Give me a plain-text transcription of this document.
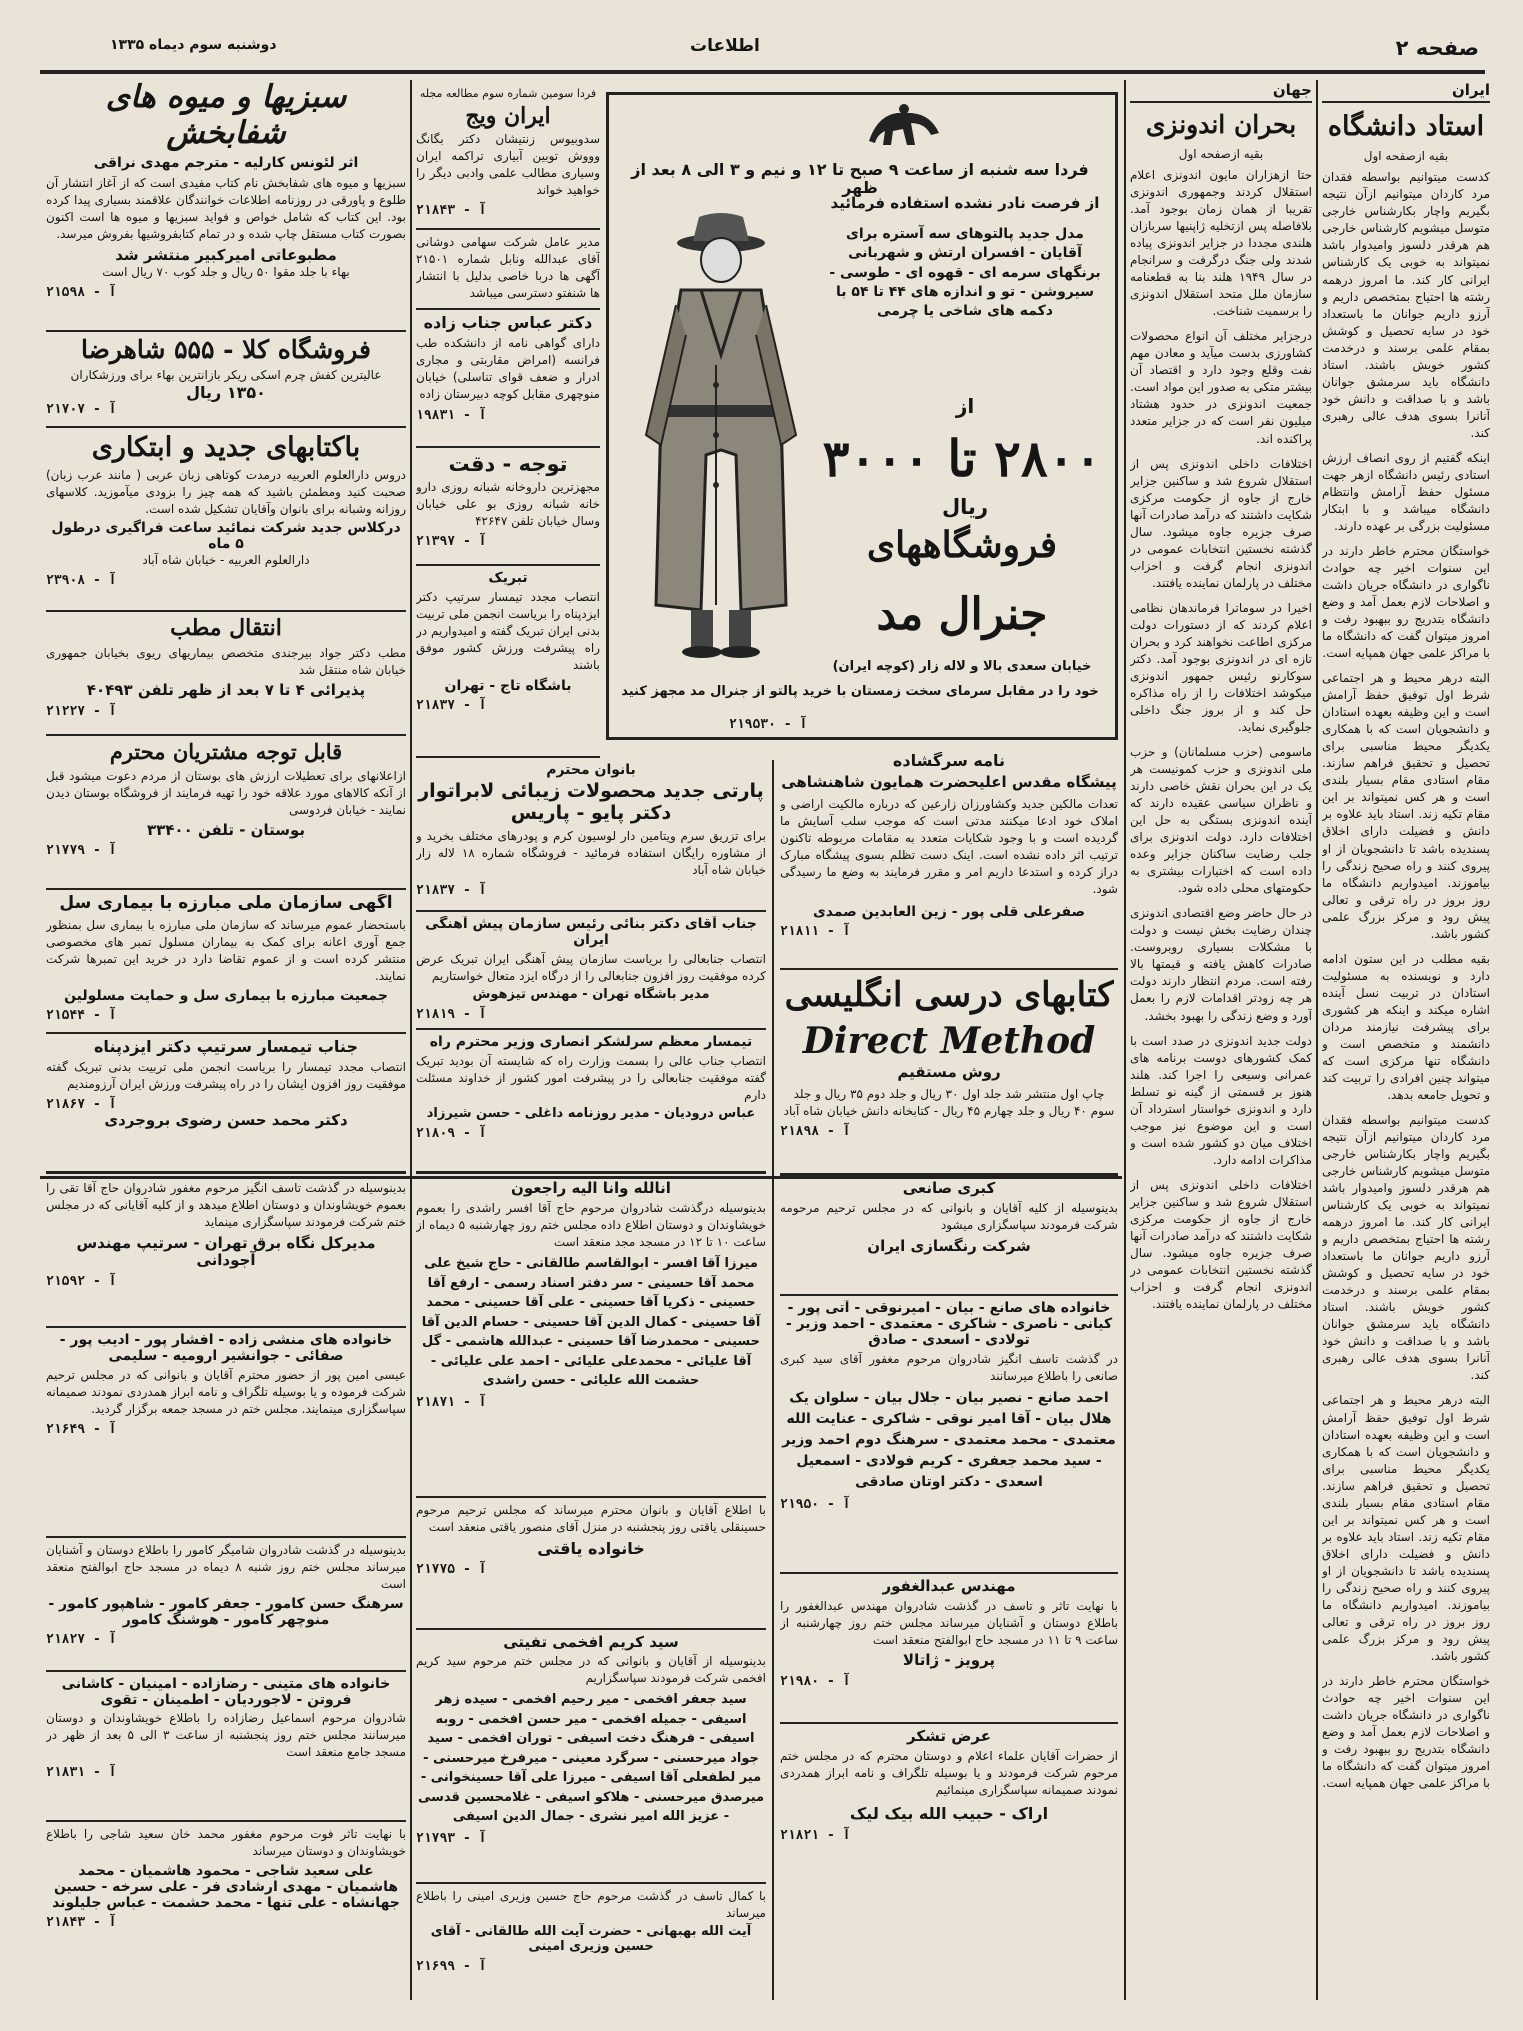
صفحه ۲
اطلاعات
دوشنبه سوم دیماه ۱۳۳۵
ایران
استاد دانشگاه
بقیه ازصفحه اول

کدست میتوانیم بواسطه فقدان مرد کاردان میتوانیم ازآن نتیجه بگیریم واچار بکارشناس خارجی متوسل میشویم کارشناس خارجی هم هرقدر دلسوز وامیدوار باشد نمیتواند به خوبی یک کارشناس ایرانی کار کند. ما امروز درهمه رشته ها احتیاج بمتخصص داریم و آرزو داریم جوانان ما باستعداد خود در سایه تحصیل و کوشش بمقام علمی برسند و درخدمت کشور خویش باشند. استاد دانشگاه باید سرمشق جوانان باشد و با صداقت و دانش خود آنانرا بسوی هدف عالی رهبری کند.

اینکه گفتیم از روی انصاف ارزش استادی رئیس دانشگاه ازهر جهت مسئول حفظ آرامش وانتظام دانشگاه میباشد و با ابتکار مسئولیت بزرگی بر عهده دارند.

خواستگان محترم خاطر دارند در این سنوات اخیر چه حوادث ناگواری در دانشگاه جریان داشت و اصلاحات لازم بعمل آمد و وضع دانشگاه بتدریج رو ببهبود رفت و امروز میتوان گفت که دانشگاه ما با مراکز علمی جهان همپایه است.

البته درهر محیط و هر اجتماعی شرط اول توفیق حفظ آرامش است و این وظیفه بعهده استادان و دانشجویان است که با همکاری یکدیگر محیط مناسبی برای تحصیل و تحقیق فراهم سازند. مقام استادی مقام بسیار بلندی است و هر کس نمیتواند بر این مقام تکیه زند. استاد باید علاوه بر دانش و فضیلت دارای اخلاق پسندیده باشد تا دانشجویان از او پیروی کنند و راه صحیح زندگی را بیاموزند. امیدواریم دانشگاه ما روز بروز در راه ترقی و تعالی پیش رود و مرکز بزرگ علمی کشور باشد.

بقیه مطلب در این ستون ادامه دارد و نویسنده به مسئولیت استادان در تربیت نسل آینده اشاره میکند و اینکه هر کشوری برای پیشرفت نیازمند مردان دانشمند و متخصص است و دانشگاه تنها مرکزی است که میتواند چنین افرادی را تربیت کند و تحویل جامعه بدهد.

کدست میتوانیم بواسطه فقدان مرد کاردان میتوانیم ازآن نتیجه بگیریم واچار بکارشناس خارجی متوسل میشویم کارشناس خارجی هم هرقدر دلسوز وامیدوار باشد نمیتواند به خوبی یک کارشناس ایرانی کار کند. ما امروز درهمه رشته ها احتیاج بمتخصص داریم و آرزو داریم جوانان ما باستعداد خود در سایه تحصیل و کوشش بمقام علمی برسند و درخدمت کشور خویش باشند. استاد دانشگاه باید سرمشق جوانان باشد و با صداقت و دانش خود آنانرا بسوی هدف عالی رهبری کند.

البته درهر محیط و هر اجتماعی شرط اول توفیق حفظ آرامش است و این وظیفه بعهده استادان و دانشجویان است که با همکاری یکدیگر محیط مناسبی برای تحصیل و تحقیق فراهم سازند. مقام استادی مقام بسیار بلندی است و هر کس نمیتواند بر این مقام تکیه زند. استاد باید علاوه بر دانش و فضیلت دارای اخلاق پسندیده باشد تا دانشجویان از او پیروی کنند و راه صحیح زندگی را بیاموزند. امیدواریم دانشگاه ما روز بروز در راه ترقی و تعالی پیش رود و مرکز بزرگ علمی کشور باشد.

خواستگان محترم خاطر دارند در این سنوات اخیر چه حوادث ناگواری در دانشگاه جریان داشت و اصلاحات لازم بعمل آمد و وضع دانشگاه بتدریج رو ببهبود رفت و امروز میتوان گفت که دانشگاه ما با مراکز علمی جهان همپایه است.

جهان
بحران اندونزی
بقیه ازصفحه اول

حتا ازهزاران مایون اندونزی اعلام استقلال کردند وجمهوری اندونزی تقریبا از همان زمان بوجود آمد. بلافاصله پس ازتخلیه ژاپنیها سربازان هلندی مجددا در جزایر اندونزی پیاده شدند ولی جنگ درگرفت و سرانجام در سال ۱۹۴۹ هلند بنا به قطعنامه سازمان ملل متحد استقلال اندونزی را برسمیت شناخت.

درجزایر مختلف آن انواع محصولات کشاورزی بدست میآید و معادن مهم نفت وقلع وجود دارد و اقتصاد آن بیشتر متکی به صدور این مواد است. جمعیت اندونزی در حدود هشتاد میلیون نفر است که در جزایر متعدد پراکنده اند.

اختلافات داخلی اندونزی پس از استقلال شروع شد و ساکنین جزایر خارج از جاوه از حکومت مرکزی شکایت داشتند که درآمد صادرات آنها صرف جزیره جاوه میشود. سال گذشته نخستین انتخابات عمومی در اندونزی انجام گرفت و احزاب مختلف در پارلمان نماینده یافتند.

اخیرا در سوماترا فرماندهان نظامی اعلام کردند که از دستورات دولت مرکزی اطاعت نخواهند کرد و بحران تازه ای در اندونزی بوجود آمد. دکتر سوکارنو رئیس جمهور اندونزی میکوشد اختلافات را از راه مذاکره حل کند و از بروز جنگ داخلی جلوگیری نماید.

ماسومی (حزب مسلمانان) و حزب ملی اندونزی و حزب کمونیست هر یک در این بحران نقش خاصی دارند و ناظران سیاسی عقیده دارند که آینده اندونزی بستگی به حل این اختلافات دارد. دولت اندونزی برای جلب رضایت ساکنان جزایر وعده داده است که اختیارات بیشتری به حکومتهای محلی داده شود.

در حال حاضر وضع اقتصادی اندونزی چندان رضایت بخش نیست و دولت با مشکلات بسیاری روبروست. صادرات کاهش یافته و قیمتها بالا رفته است. مردم انتظار دارند دولت هر چه زودتر اقدامات لازم را بعمل آورد و وضع زندگی را بهبود بخشد.

دولت جدید اندونزی در صدد است با کمک کشورهای دوست برنامه های عمرانی وسیعی را اجرا کند. هلند هنوز بر قسمتی از گینه نو تسلط دارد و اندونزی خواستار استرداد آن است و این موضوع نیز موجب اختلاف میان دو کشور شده است و مذاکرات ادامه دارد.

اختلافات داخلی اندونزی پس از استقلال شروع شد و ساکنین جزایر خارج از جاوه از حکومت مرکزی شکایت داشتند که درآمد صادرات آنها صرف جزیره جاوه میشود. سال گذشته نخستین انتخابات عمومی در اندونزی انجام گرفت و احزاب مختلف در پارلمان نماینده یافتند.

فردا سه شنبه از ساعت ۹ صبح تا ۱۲ و نیم و ۳ الی ۸ بعد از ظهر
از فرصت نادر نشده استفاده فرمائید
مدل جدید پالتوهای سه آستره برای آقایان - افسران ارتش و شهربانی برنگهای سرمه ای - قهوه ای - طوسی - سیروشن - تو و اندازه های ۴۴ تا ۵۴ با دکمه های شاخی یا چرمی
از
۲۸۰۰ تا ۳۰۰۰
ریال
فروشگاههای
جنرال مد
خیابان سعدی بالا و لاله زار (کوچه ایران)
خود را در مقابل سرمای سخت زمستان با خرید پالتو از جنرال مد مجهز کنید
آ - ۲۱۹۵۳۰
نامه سرگشاده
پیشگاه مقدس اعلیحضرت همایون شاهنشاهی
تعدات مالکین جدید وکشاورزان زارعین که درباره مالکیت اراضی و املاک خود ادعا میکنند مدتی است که موجب سلب آسایش ما گردیده است و با وجود شکایات متعدد به مقامات مربوطه تاکنون ترتیب اثر داده نشده است. اینک دست تظلم بسوی پیشگاه مبارک دراز کرده و استدعا داریم امر و مقرر فرمایند به وضع ما رسیدگی شود.
صفرعلی قلی پور - زین العابدین صمدی
آ - ۲۱۸۱۱
کتابهای درسی انگلیسی
Direct Method
روش مستقیم
چاپ اول منتشر شد جلد اول ۳۰ ریال و جلد دوم ۳۵ ریال و جلد سوم ۴۰ ریال و جلد چهارم ۴۵ ریال - کتابخانه دانش خیابان شاه آباد
آ - ۲۱۸۹۸
فردا سومین شماره سوم مطالعه مجله
ایران ویج
سدوبیوس زنتیشان دکتر بگانگ وووش توبین آبیاری تراکمه ایران وسیاری مطالب علمی وادبی دیگر را خواهید خواند
آ - ۲۱۸۴۳
مدیر عامل شرکت سهامی دوشانی آقای عبدالله ونابل شماره ۲۱۵۰۱ آگهی ها دربا خاصی بدلیل با انتشار ها شنفتو دسترسی میباشد
دکتر عباس جناب زاده
دارای گواهی نامه از دانشکده طب فرانسه (امراض مقاربتی و مجاری ادرار و ضعف قوای تناسلی) خیابان منوچهری مقابل کوچه دبیرستان زاده
آ - ۱۹۸۳۱
توجه - دقت
مجهزترین داروخانه شبانه روزی دارو خانه شبانه روزی بو علی خیابان وسال خیابان تلفن ۴۲۶۴۷
آ - ۲۱۳۹۷
تبریک
انتصاب مجدد تیمسار سرتیپ دکتر ایزدپناه را بریاست انجمن ملی تربیت بدنی ایران تبریک گفته و امیدواریم در راه پیشرفت ورزش کشور موفق باشند
باشگاه تاج - تهران
آ - ۲۱۸۳۷
بانوان محترم
پارتی جدید محصولات زیبائی لابراتوار دکتر پایو - پاریس
برای تزریق سرم ویتامین دار لوسیون کرم و پودرهای مختلف بخرید و از مشاوره رایگان استفاده فرمائید - فروشگاه شماره ۱۸ لاله زار خیابان شاه آباد
آ - ۲۱۸۳۷
جناب آقای دکتر بنائی رئیس سازمان پیش آهنگی ایران
انتصاب جنابعالی را بریاست سازمان پیش آهنگی ایران تبریک عرض کرده موفقیت روز افزون جنابعالی را از درگاه ایزد متعال خواستاریم
مدیر باشگاه تهران - مهندس تیزهوش
آ - ۲۱۸۱۹
تیمسار معظم سرلشکر انصاری وزیر محترم راه
انتصاب جناب عالی را بسمت وزارت راه که شایسته آن بودید تبریک گفته موفقیت جنابعالی را در پیشرفت امور کشور از خداوند مسئلت دارم
عباس درودیان - مدیر روزنامه داغلی - حسن شیرزاد
آ - ۲۱۸۰۹
سبزیها و میوه های شفابخش
اثر لئونس کارلیه - مترجم مهدی نراقی
سبزیها و میوه های شفابخش نام کتاب مفیدی است که از آغاز انتشار آن طلوع و پاورقی در روزنامه اطلاعات خوانندگان علاقمند بسیاری پیدا کرده بود. این کتاب که شامل خواص و فواید سبزیها و میوه ها است اکنون بصورت کتاب مستقل چاپ شده و در تمام کتابفروشیها بفروش میرسد.
مطبوعاتی امیرکبیر منتشر شد
بهاء با جلد مقوا ۵۰ ریال و جلد کوب ۷۰ ریال است
آ - ۲۱۵۹۸
فروشگاه کلا - ۵۵۵ شاهرضا
عالیترین کفش چرم اسکی ریکر بازانترین بهاء برای ورزشکاران
۱۳۵۰ ریال
آ - ۲۱۷۰۷
باکتابهای جدید و ابتکاری
دروس دارالعلوم العربیه درمدت کوتاهی زبان عربی ( مانند عرب زبان) صحبت کنید ومطمئن باشید که همه چیز را بزودی میآموزید. کلاسهای روزانه وشبانه برای بانوان وآقایان تشکیل شده است.
درکلاس جدید شرکت نمائید ساعت فراگیری درطول ۵ ماه
دارالعلوم العربیه - خیابان شاه آباد
آ - ۲۳۹۰۸
انتقال مطب
مطب دکتر جواد بیرجندی متخصص بیماریهای ریوی بخیابان جمهوری خیابان شاه منتقل شد
پذیرائی ۴ تا ۷ بعد از ظهر تلفن ۴۰۴۹۳
آ - ۲۱۲۲۷
قابل توجه مشتریان محترم
ازاعلانهای برای تعطیلات ارزش های بوستان از مردم دعوت میشود قبل از آنکه کالاهای مورد علاقه خود را تهیه فرمایند از فروشگاه بوستان دیدن نمایند - خیابان فردوسی
بوستان - تلفن ۳۳۴۰۰
آ - ۲۱۷۷۹
آگهی سازمان ملی مبارزه با بیماری سل
باستحضار عموم میرساند که سازمان ملی مبارزه با بیماری سل بمنظور جمع آوری اعانه برای کمک به بیماران مسلول تمبر های مخصوصی منتشر کرده است و از عموم تقاضا دارد در خرید این تمبرها شرکت نمایند.
جمعیت مبارزه با بیماری سل و حمایت مسلولین
آ - ۲۱۵۴۴
جناب تیمسار سرتیپ دکتر ایزدپناه
انتصاب مجدد تیمسار را بریاست انجمن ملی تربیت بدنی تبریک گفته موفقیت روز افزون ایشان را در راه پیشرفت ورزش ایران آرزومندیم
آ - ۲۱۸۶۷
دکتر محمد حسن رضوی بروجردی
بدینوسیله در گذشت تاسف انگیز مرحوم مغفور شادروان حاج آقا تقی را بعموم خویشاوندان و دوستان اطلاع میدهد و از کلیه آقایانی که در مجلس ختم شرکت فرمودند سپاسگزاری مینماید
مدیرکل نگاه برق تهران - سرتیپ مهندس آجودانی
آ - ۲۱۵۹۲
خانواده های منشی زاده - افشار پور - ادیب پور - صفائی - جوانشیر ارومیه - سلیمی
عیسی امین پور از حضور محترم آقایان و بانوانی که در مجلس ترحیم شرکت فرموده و یا بوسیله تلگراف و نامه ابراز همدردی نمودند صمیمانه سپاسگزاری مینمایند. مجلس ختم در مسجد جمعه برگزار گردید.
آ - ۲۱۶۴۹
بدینوسیله در گذشت شادروان شامیگر کامور را باطلاع دوستان و آشنایان میرساند مجلس ختم روز شنبه ۸ دیماه در مسجد حاج ابوالفتح منعقد است
سرهنگ حسن کامور - جعفر کامور - شاهپور کامور - منوچهر کامور - هوشنگ کامور
آ - ۲۱۸۲۷
خانواده های متینی - رضازاده - امینیان - کاشانی
فروتن - لاجوردیان - اطمینان - تقوی
شادروان مرحوم اسماعیل رضازاده را باطلاع خویشاوندان و دوستان میرسانند مجلس ختم روز پنجشنبه از ساعت ۳ الی ۵ بعد از ظهر در مسجد جامع منعقد است
آ - ۲۱۸۳۱
با نهایت تاثر فوت مرحوم مغفور محمد خان سعید شاجی را باطلاع خویشاوندان و دوستان میرساند
علی سعید شاجی - محمود هاشمیان - محمد هاشمیان - مهدی ارشادی فر - علی سرخه - حسین جهانشاه - علی تنها - محمد حشمت - عباس جلیلوند
آ - ۲۱۸۴۳
انالله وانا الیه راجعون
بدینوسیله درگذشت شادروان مرحوم حاج آقا افسر راشدی را بعموم خویشاوندان و دوستان اطلاع داده مجلس ختم روز چهارشنبه ۵ دیماه از ساعت ۱۰ تا ۱۲ در مسجد مجد منعقد است
میرزا آقا افسر - ابوالقاسم طالقانی - حاج شیخ علی محمد آقا حسینی - سر دفتر اسناد رسمی - ارفع آقا حسینی - ذکریا آقا حسینی - علی آقا حسینی - محمد آقا حسینی - کمال الدین آقا حسینی - حسام الدین آقا حسینی - محمدرضا آقا حسینی - عبدالله هاشمی - گل آقا علیائی - محمدعلی علیائی - احمد علی علیائی - حشمت الله علیائی - حسن راشدی
آ - ۲۱۸۷۱
با اطلاع آقایان و بانوان محترم میرساند که مجلس ترحیم مرحوم حسینقلی یاقتی روز پنجشنبه در منزل آقای منصور یاقتی منعقد است
خانواده یاقتی
آ - ۲۱۷۷۵
سید کریم افخمی تفیتی
بدینوسیله از آقایان و بانوانی که در مجلس ختم مرحوم سید کریم افخمی شرکت فرمودند سپاسگزاریم
سید جعفر افخمی - میر رحیم افخمی - سیده زهر اسیفی - جمیله افخمی - میر حسن افخمی - روبه اسیفی - فرهنگ دخت اسیفی - توران افخمی - سید جواد میرحسنی - سرگرد معینی - میرفرخ میرحسنی - میر لطفعلی آقا اسیفی - میرزا علی آقا حسینخوانی - میرصدق میرحسنی - هلاکو اسیفی - غلامحسین قدسی - عزیز الله امیر نشری - جمال الدین اسیفی
آ - ۲۱۷۹۳
با کمال تاسف در گذشت مرحوم حاج حسین وزیری امینی را باطلاع میرساند
آیت الله بهبهانی - حضرت آیت الله طالقانی - آقای حسین وزیری امینی
آ - ۲۱۶۹۹
کبری صانعی
بدینوسیله از کلیه آقایان و بانوانی که در مجلس ترحیم مرحومه شرکت فرمودند سپاسگزاری میشود
شرکت رنگسازی ایران
خانواده های صانع - بیان - امیرنوقی - آتی پور - کیانی - ناصری - شاکری - معتمدی - احمد وزیر - تولادی - اسعدی - صادق
در گذشت تاسف انگیز شادروان مرحوم مغفور آقای سید کبری صانعی را باطلاع میرسانند
احمد صانع - نصیر بیان - جلال بیان - سلوان یک هلال بیان - آقا امیر نوقی - شاکری - عنایت الله معتمدی - محمد معتمدی - سرهنگ دوم احمد وزیر - سید محمد جعفری - کریم فولادی - اسمعیل اسعدی - دکتر اوتان صادقی
آ - ۲۱۹۵۰
مهندس عبدالغفور
با نهایت تاثر و تاسف در گذشت شادروان مهندس عبدالغفور را باطلاع دوستان و آشنایان میرساند مجلس ختم روز چهارشنبه از ساعت ۹ تا ۱۱ در مسجد حاج ابوالفتح منعقد است
پرویز - ژاتالا
آ - ۲۱۹۸۰
عرض تشکر
از حضرات آقایان علماء اعلام و دوستان محترم که در مجلس ختم مرحوم شرکت فرمودند و یا بوسیله تلگراف و نامه ابراز همدردی نمودند صمیمانه سپاسگزاری مینمائیم
اراک - حبیب الله بیک لیک
آ - ۲۱۸۲۱
